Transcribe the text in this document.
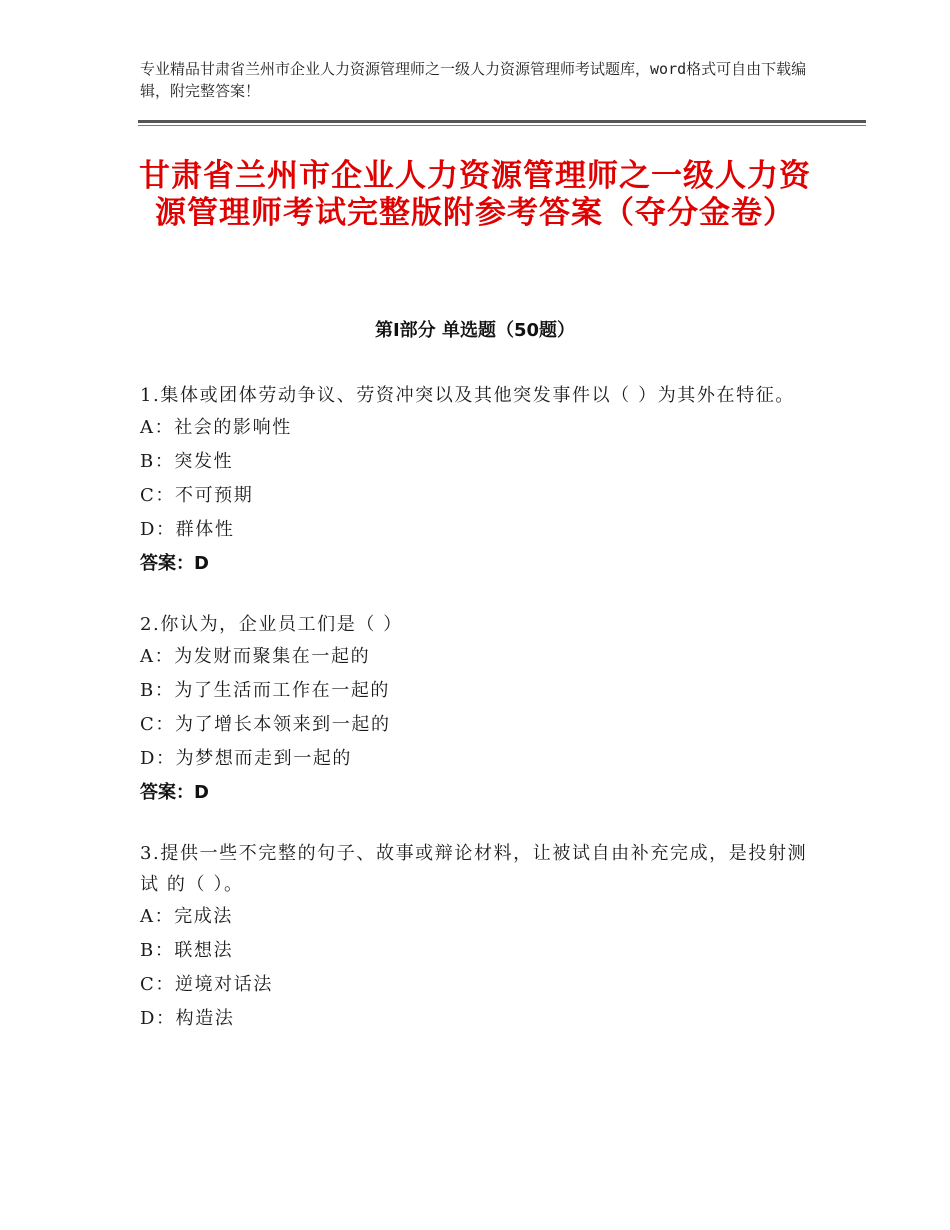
专业精品甘肃省兰州市企业人力资源管理师之一级人力资源管理师考试题库，word格式可自由下载编辑，附完整答案！
甘肃省兰州市企业人力资源管理师之一级人力资源管理师考试完整版附参考答案（夺分金卷）
第Ⅰ部分 单选题（50题）

1.集体或团体劳动争议、劳资冲突以及其他突发事件以（ ）为其外在特征。

A：社会的影响性

B：突发性

C：不可预期

D：群体性

答案：D

2.你认为，企业员工们是（ ）

A：为发财而聚集在一起的

B：为了生活而工作在一起的

C：为了增长本领来到一起的

D：为梦想而走到一起的

答案：D

3.提供一些不完整的句子、故事或辩论材料，让被试自由补充完成，是投射测试 的（ ）。

A：完成法

B：联想法

C：逆境对话法

D：构造法
